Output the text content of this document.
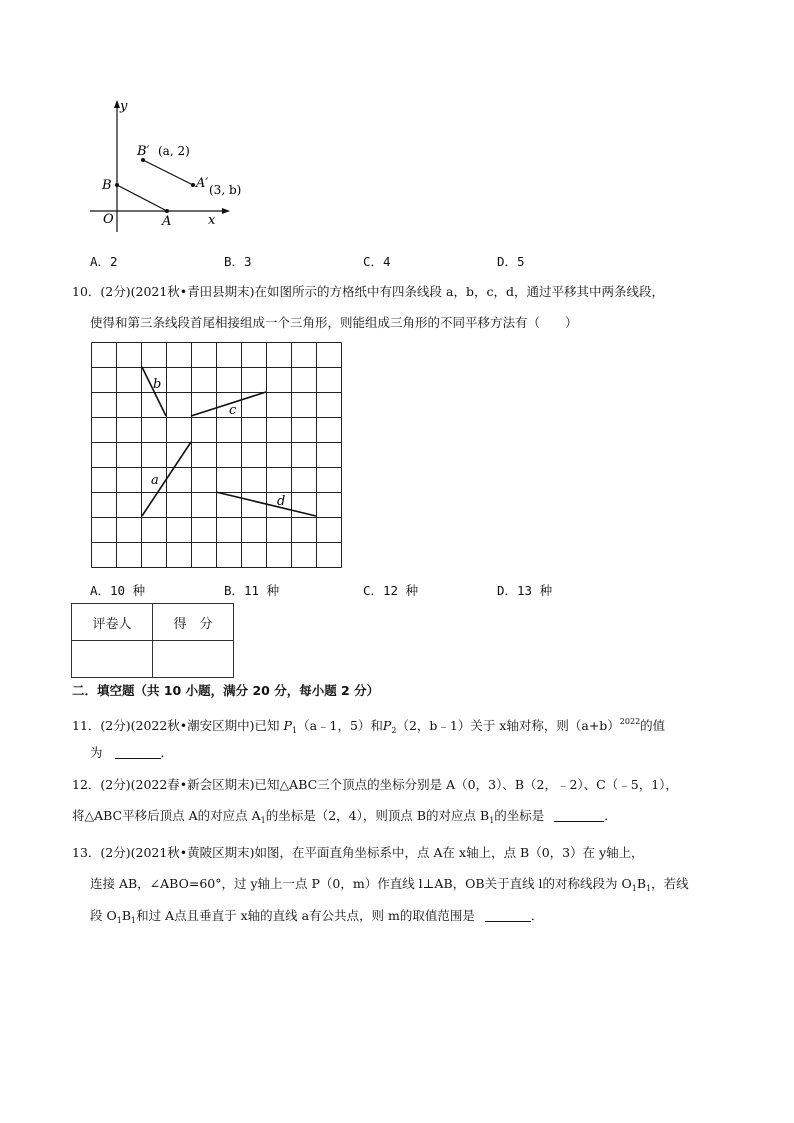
y
x
O
B
A
B′ (a, 2)
A′ (3, b)
A．2	B．3	C．4	D．5
10．(2分)(2021秋•青田县期末)在如图所示的方格纸中有四条线段 a，b，c，d，通过平移其中两条线段，
使得和第三条线段首尾相接组成一个三角形，则能组成三角形的不同平移方法有（　　）
b
c
a
d
A．10 种	B．11 种	C．12 种	D．13 种
评卷人	得　分

二．填空题（共 10 小题，满分 20 分，每小题 2 分）
11．(2分)(2022秋•潮安区期中)已知 $P_1(a﹣1$，5）和$P_2(2$，b﹣1）关于 x轴对称，则$(a+b)^{2022}$的值
为	．
12．(2分)(2022春•新会区期末)已知△ABC三个顶点的坐标分别是 A（0，3）、B（2，﹣2）、C（﹣5，1），
将△ABC平移后顶点 A的对应点 $A_1$的坐标是（2，4），则顶点 B的对应点 $B_1$的坐标是	．
13．(2分)(2021秋•黄陂区期末)如图，在平面直角坐标系中，点 A在 x轴上，点 B（0，3）在 y轴上，
连接 AB，∠ABO=60°，过 y轴上一点 P（0，m）作直线 l⊥AB，OB关于直线 l的对称线段为 $O_1B_1$，若线
段 $O_1B_1$和过 A点且垂直于 x轴的直线 a有公共点，则 m的取值范围是	．
